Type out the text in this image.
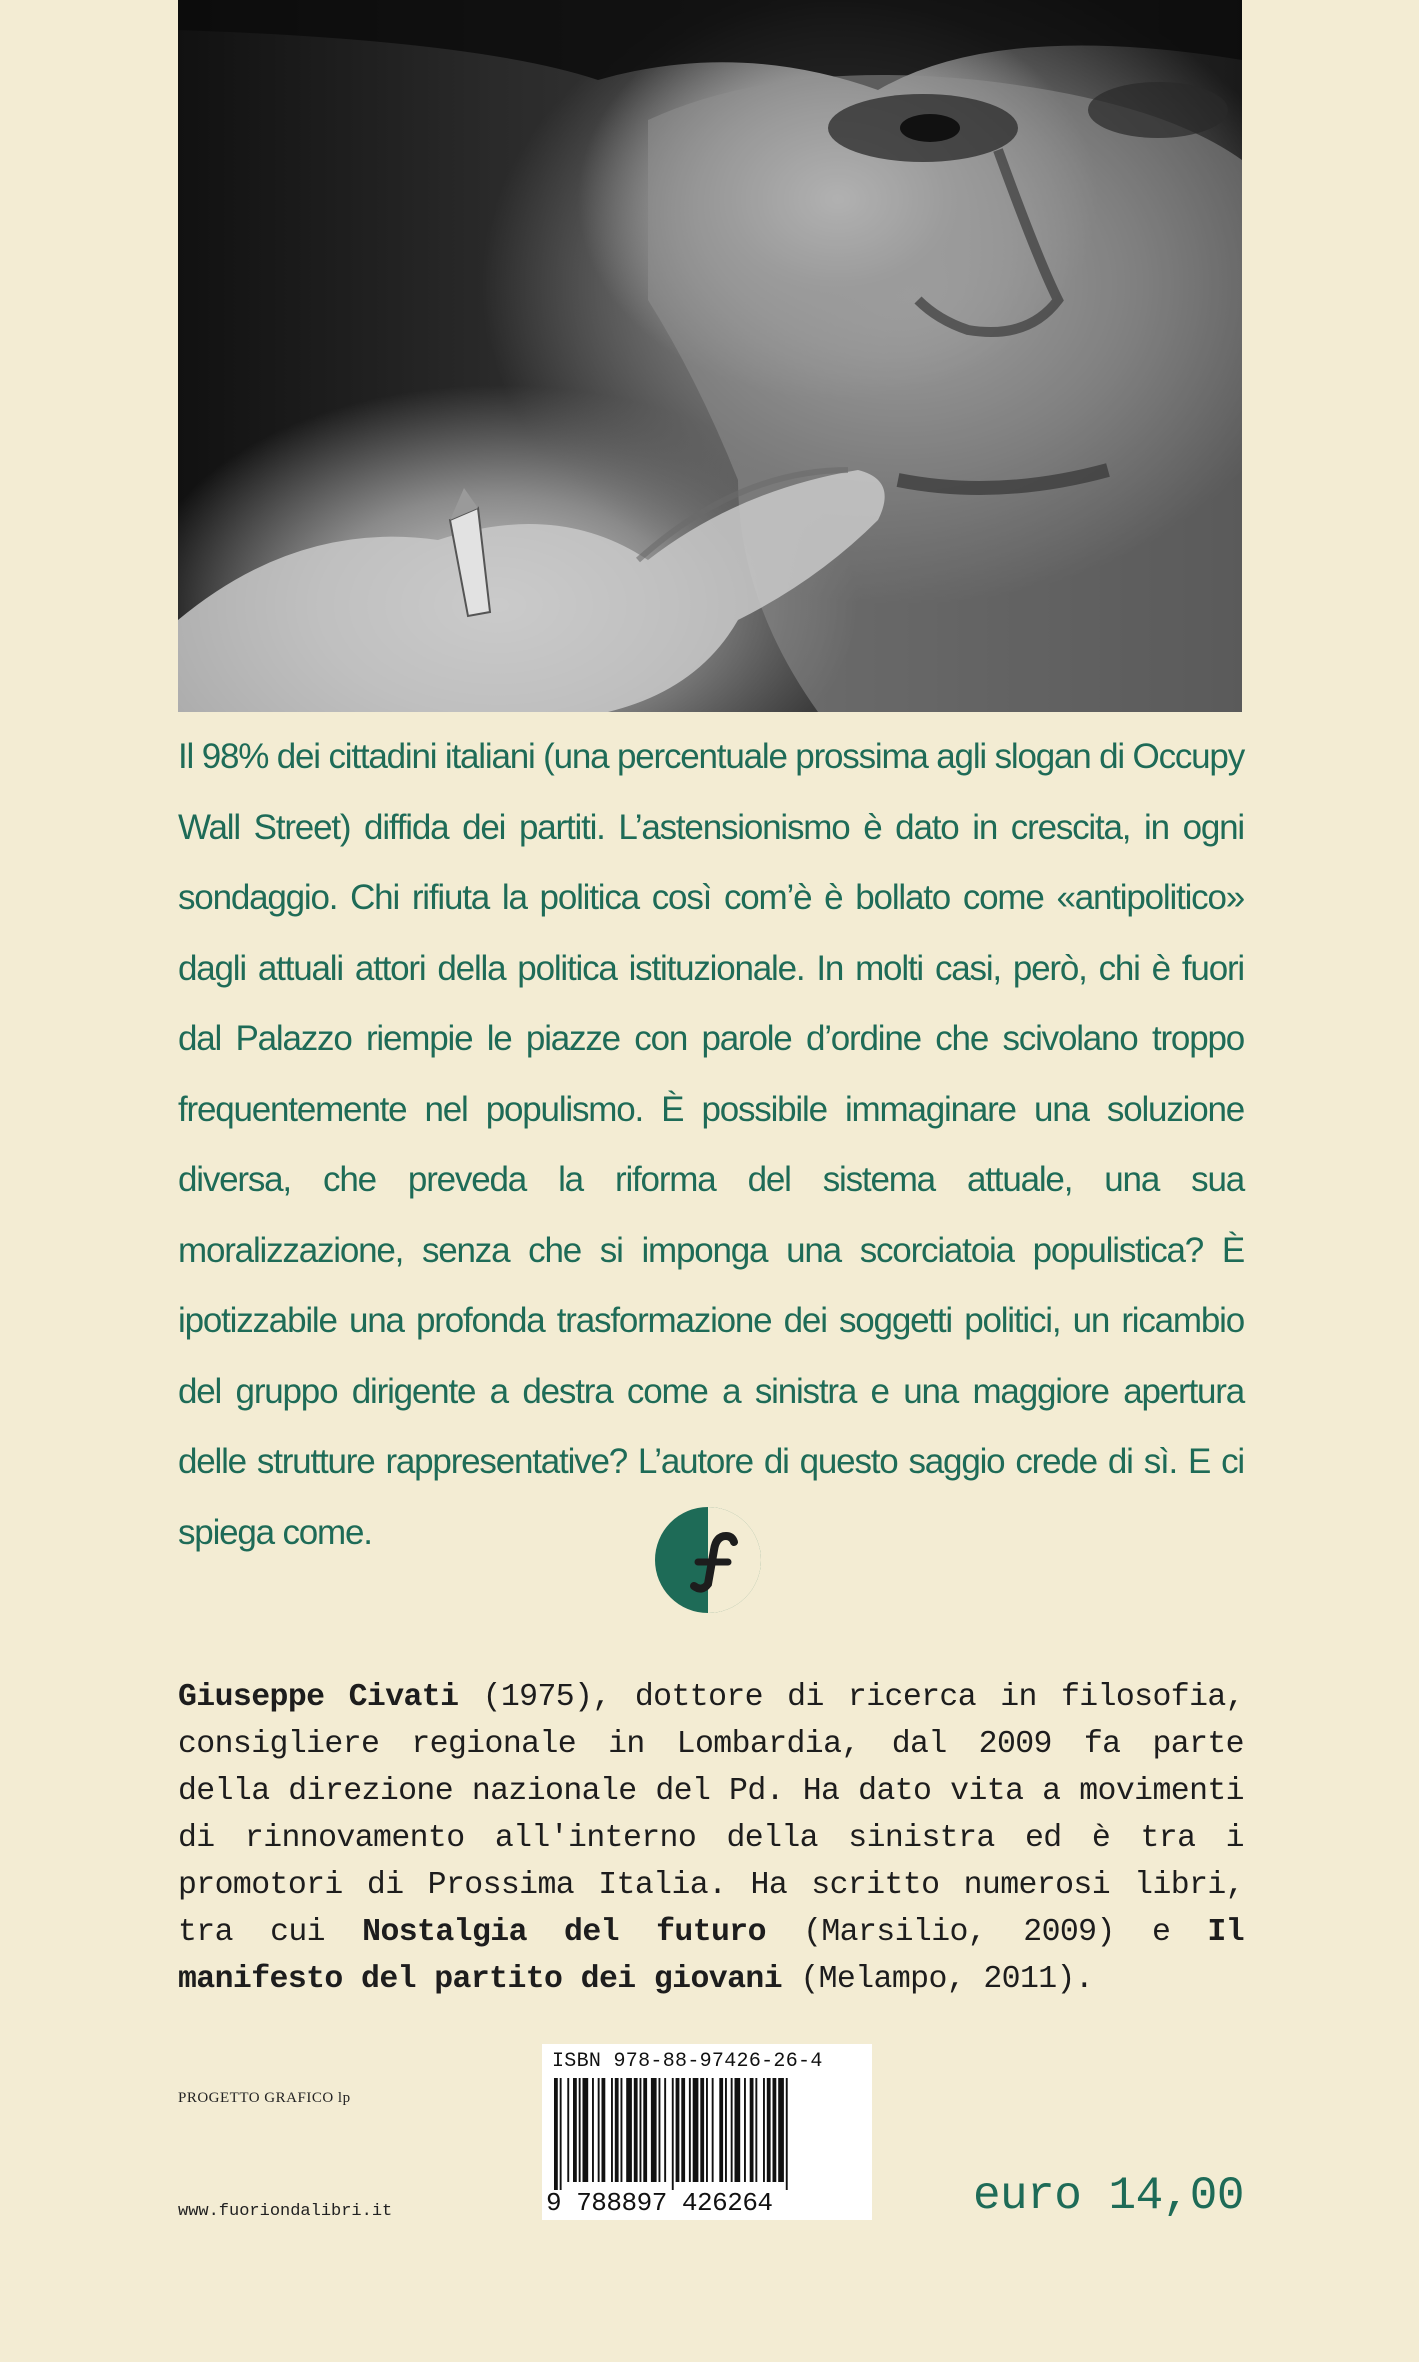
Il 98% dei cittadini italiani (una percentuale prossima agli slogan di Occupy Wall Street) diffida dei partiti. L’astensionismo è dato in crescita, in ogni sondaggio. Chi rifiuta la politica così com’è è bollato come «antipolitico» dagli attuali attori della politica istituzionale. In molti casi, però, chi è fuori dal Palazzo riempie le piazze con parole d’ordine che scivolano troppo frequentemente nel populismo. È possibile immaginare una soluzione diversa, che preveda la riforma del sistema attuale, una sua moralizzazione, senza che si imponga una scorciatoia populistica? È ipotizzabile una profonda trasformazione dei soggetti politici, un ricambio del gruppo dirigente a destra come a sinistra e una maggiore apertura delle strutture rappresentative? L’autore di questo saggio crede di sì. E ci spiega come.

Giuseppe Civati (1975), dottore di ricerca in filosofia, consigliere regionale in Lombardia, dal 2009 fa parte della direzione nazionale del Pd. Ha dato vita a movimenti di rinnovamento all'interno della sinistra ed è tra i promotori di Prossima Italia. Ha scritto numerosi libri, tra cui Nostalgia del futuro (Marsilio, 2009) e Il manifesto del partito dei giovani (Melampo, 2011).

PROGETTO GRAFICO lp
www.fuoriondalibri.it
ISBN 978-88-97426-26-4
9 788897 426264	euro 14,00
